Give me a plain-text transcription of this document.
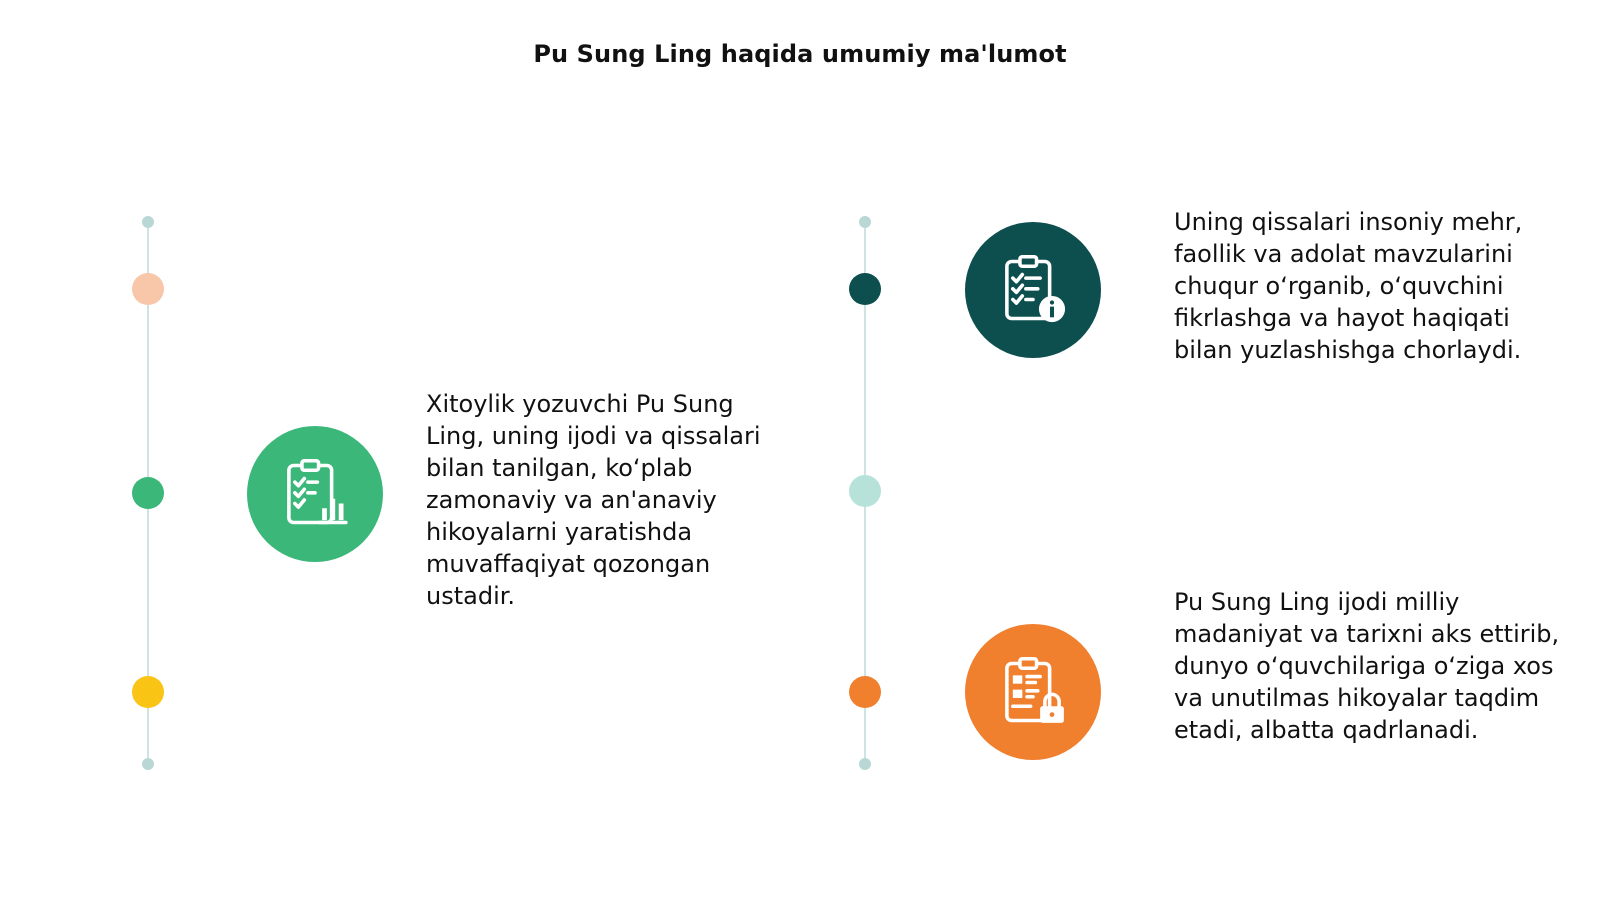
Pu Sung Ling haqida umumiy ma'lumot
Xitoylik yozuvchi Pu Sung Ling, uning ijodi va qissalari bilan tanilgan, ko‘plab zamonaviy va an'anaviy hikoyalarni yaratishda muvaffaqiyat qozongan ustadir.
Uning qissalari insoniy mehr, faollik va adolat mavzularini chuqur o‘rganib, o‘quvchini fikrlashga va hayot haqiqati bilan yuzlashishga chorlaydi.
Pu Sung Ling ijodi milliy madaniyat va tarixni aks ettirib, dunyo o‘quvchilariga o‘ziga xos va unutilmas hikoyalar taqdim etadi, albatta qadrlanadi.
